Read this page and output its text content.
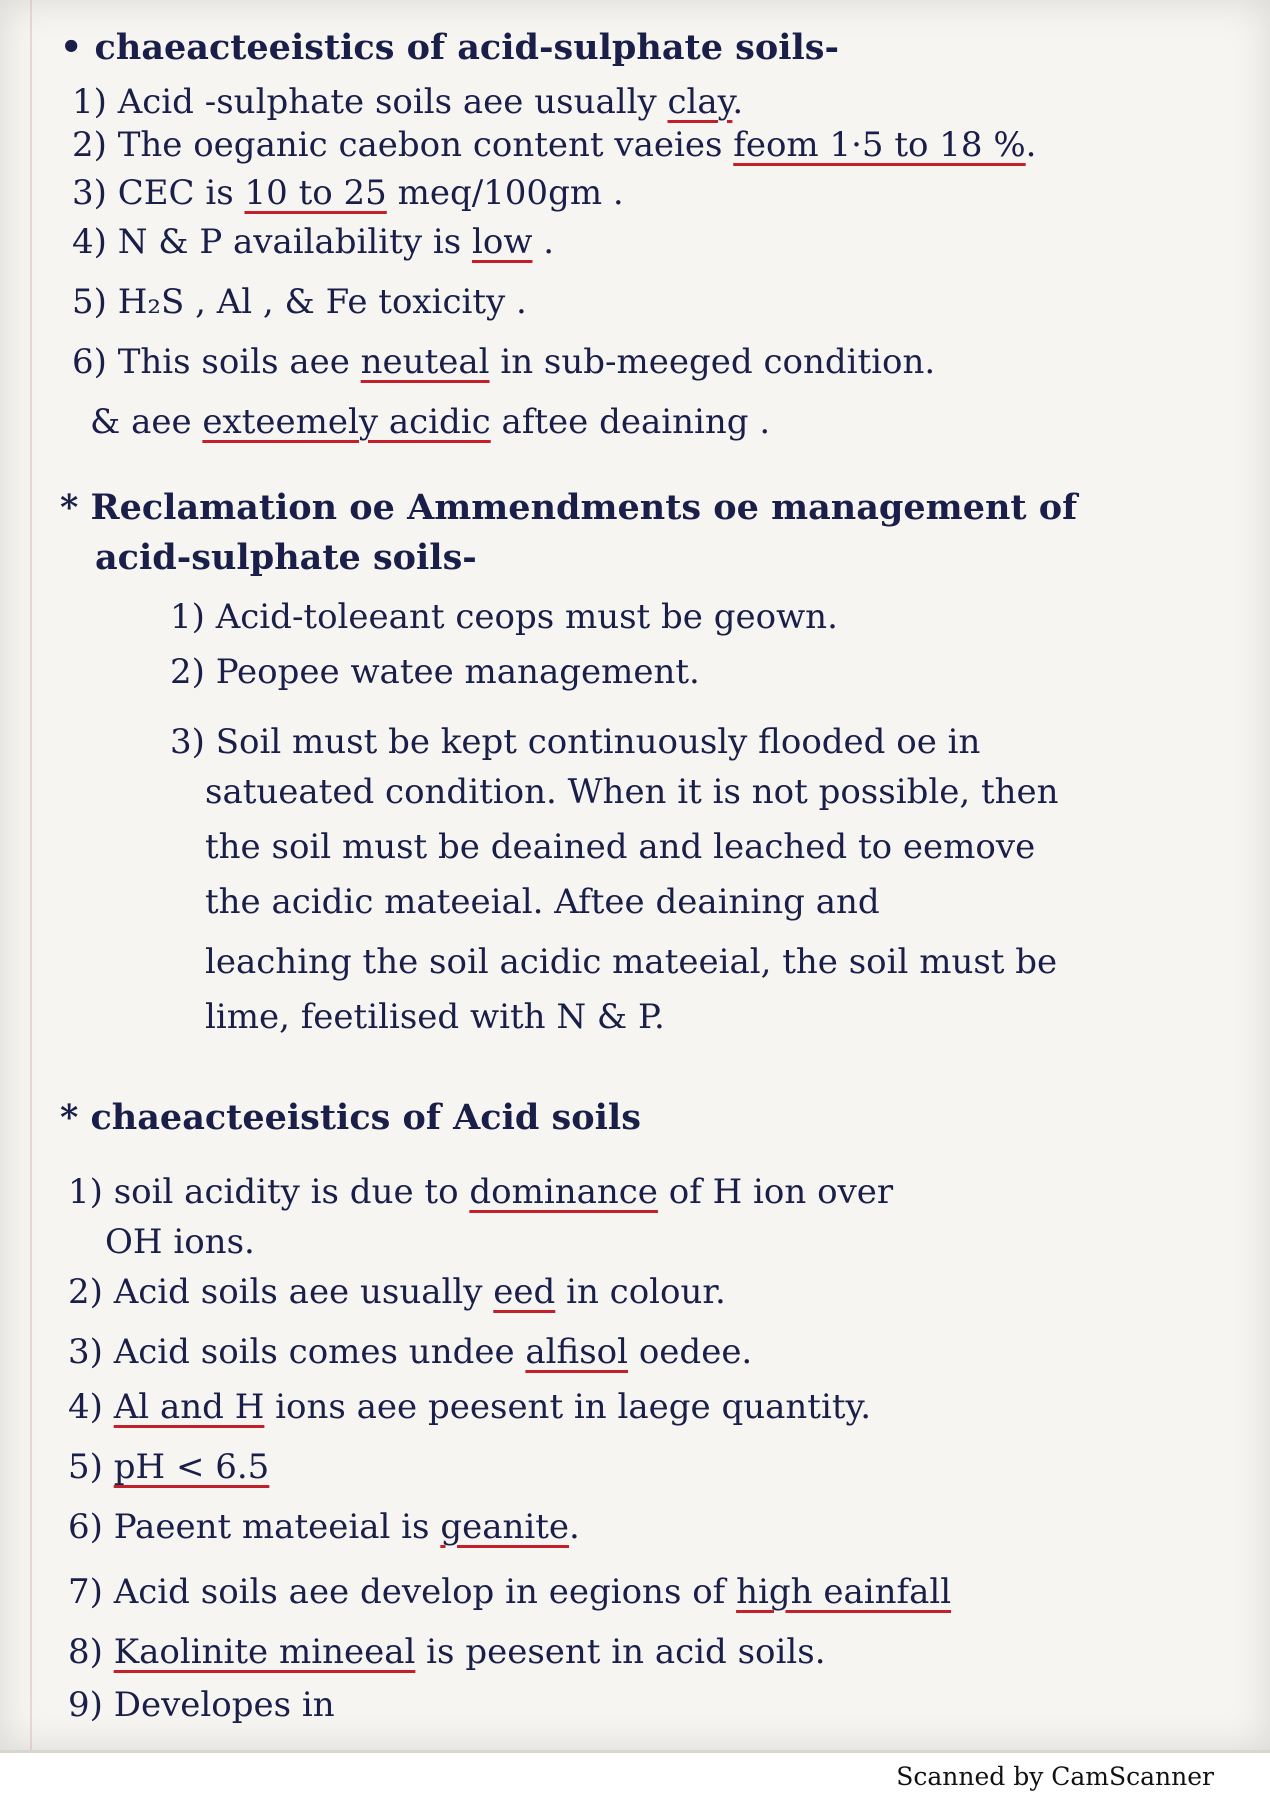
• chaeacteeistics of acid-sulphate soils-
1) Acid -sulphate soils aee usually clay.
2) The oeganic caebon content vaeies feom 1·5 to 18 %.
3) CEC is 10 to 25 meq/100gm .
4) N & P availability is low .
5) H₂S , Al , & Fe toxicity .
6) This soils aee neuteal in sub-meeged condition.
& aee exteemely acidic aftee deaining .
* Reclamation oe Ammendments oe management of
acid-sulphate soils-
1) Acid-toleeant ceops must be geown.
2) Peopee watee management.
3) Soil must be kept continuously flooded oe in
satueated condition. When it is not possible, then
the soil must be deained and leached to eemove
the acidic mateeial. Aftee deaining and
leaching the soil acidic mateeial, the soil must be
lime, feetilised with N & P.
* chaeacteeistics of Acid soils
1) soil acidity is due to dominance of H ion over
OH ions.
2) Acid soils aee usually eed in colour.
3) Acid soils comes undee alfisol oedee.
4) Al and H ions aee peesent in laege quantity.
5) pH < 6.5
6) Paeent mateeial is geanite.
7) Acid soils aee develop in eegions of high eainfall
8) Kaolinite mineeal is peesent in acid soils.
9) Developes in
Scanned by CamScanner
